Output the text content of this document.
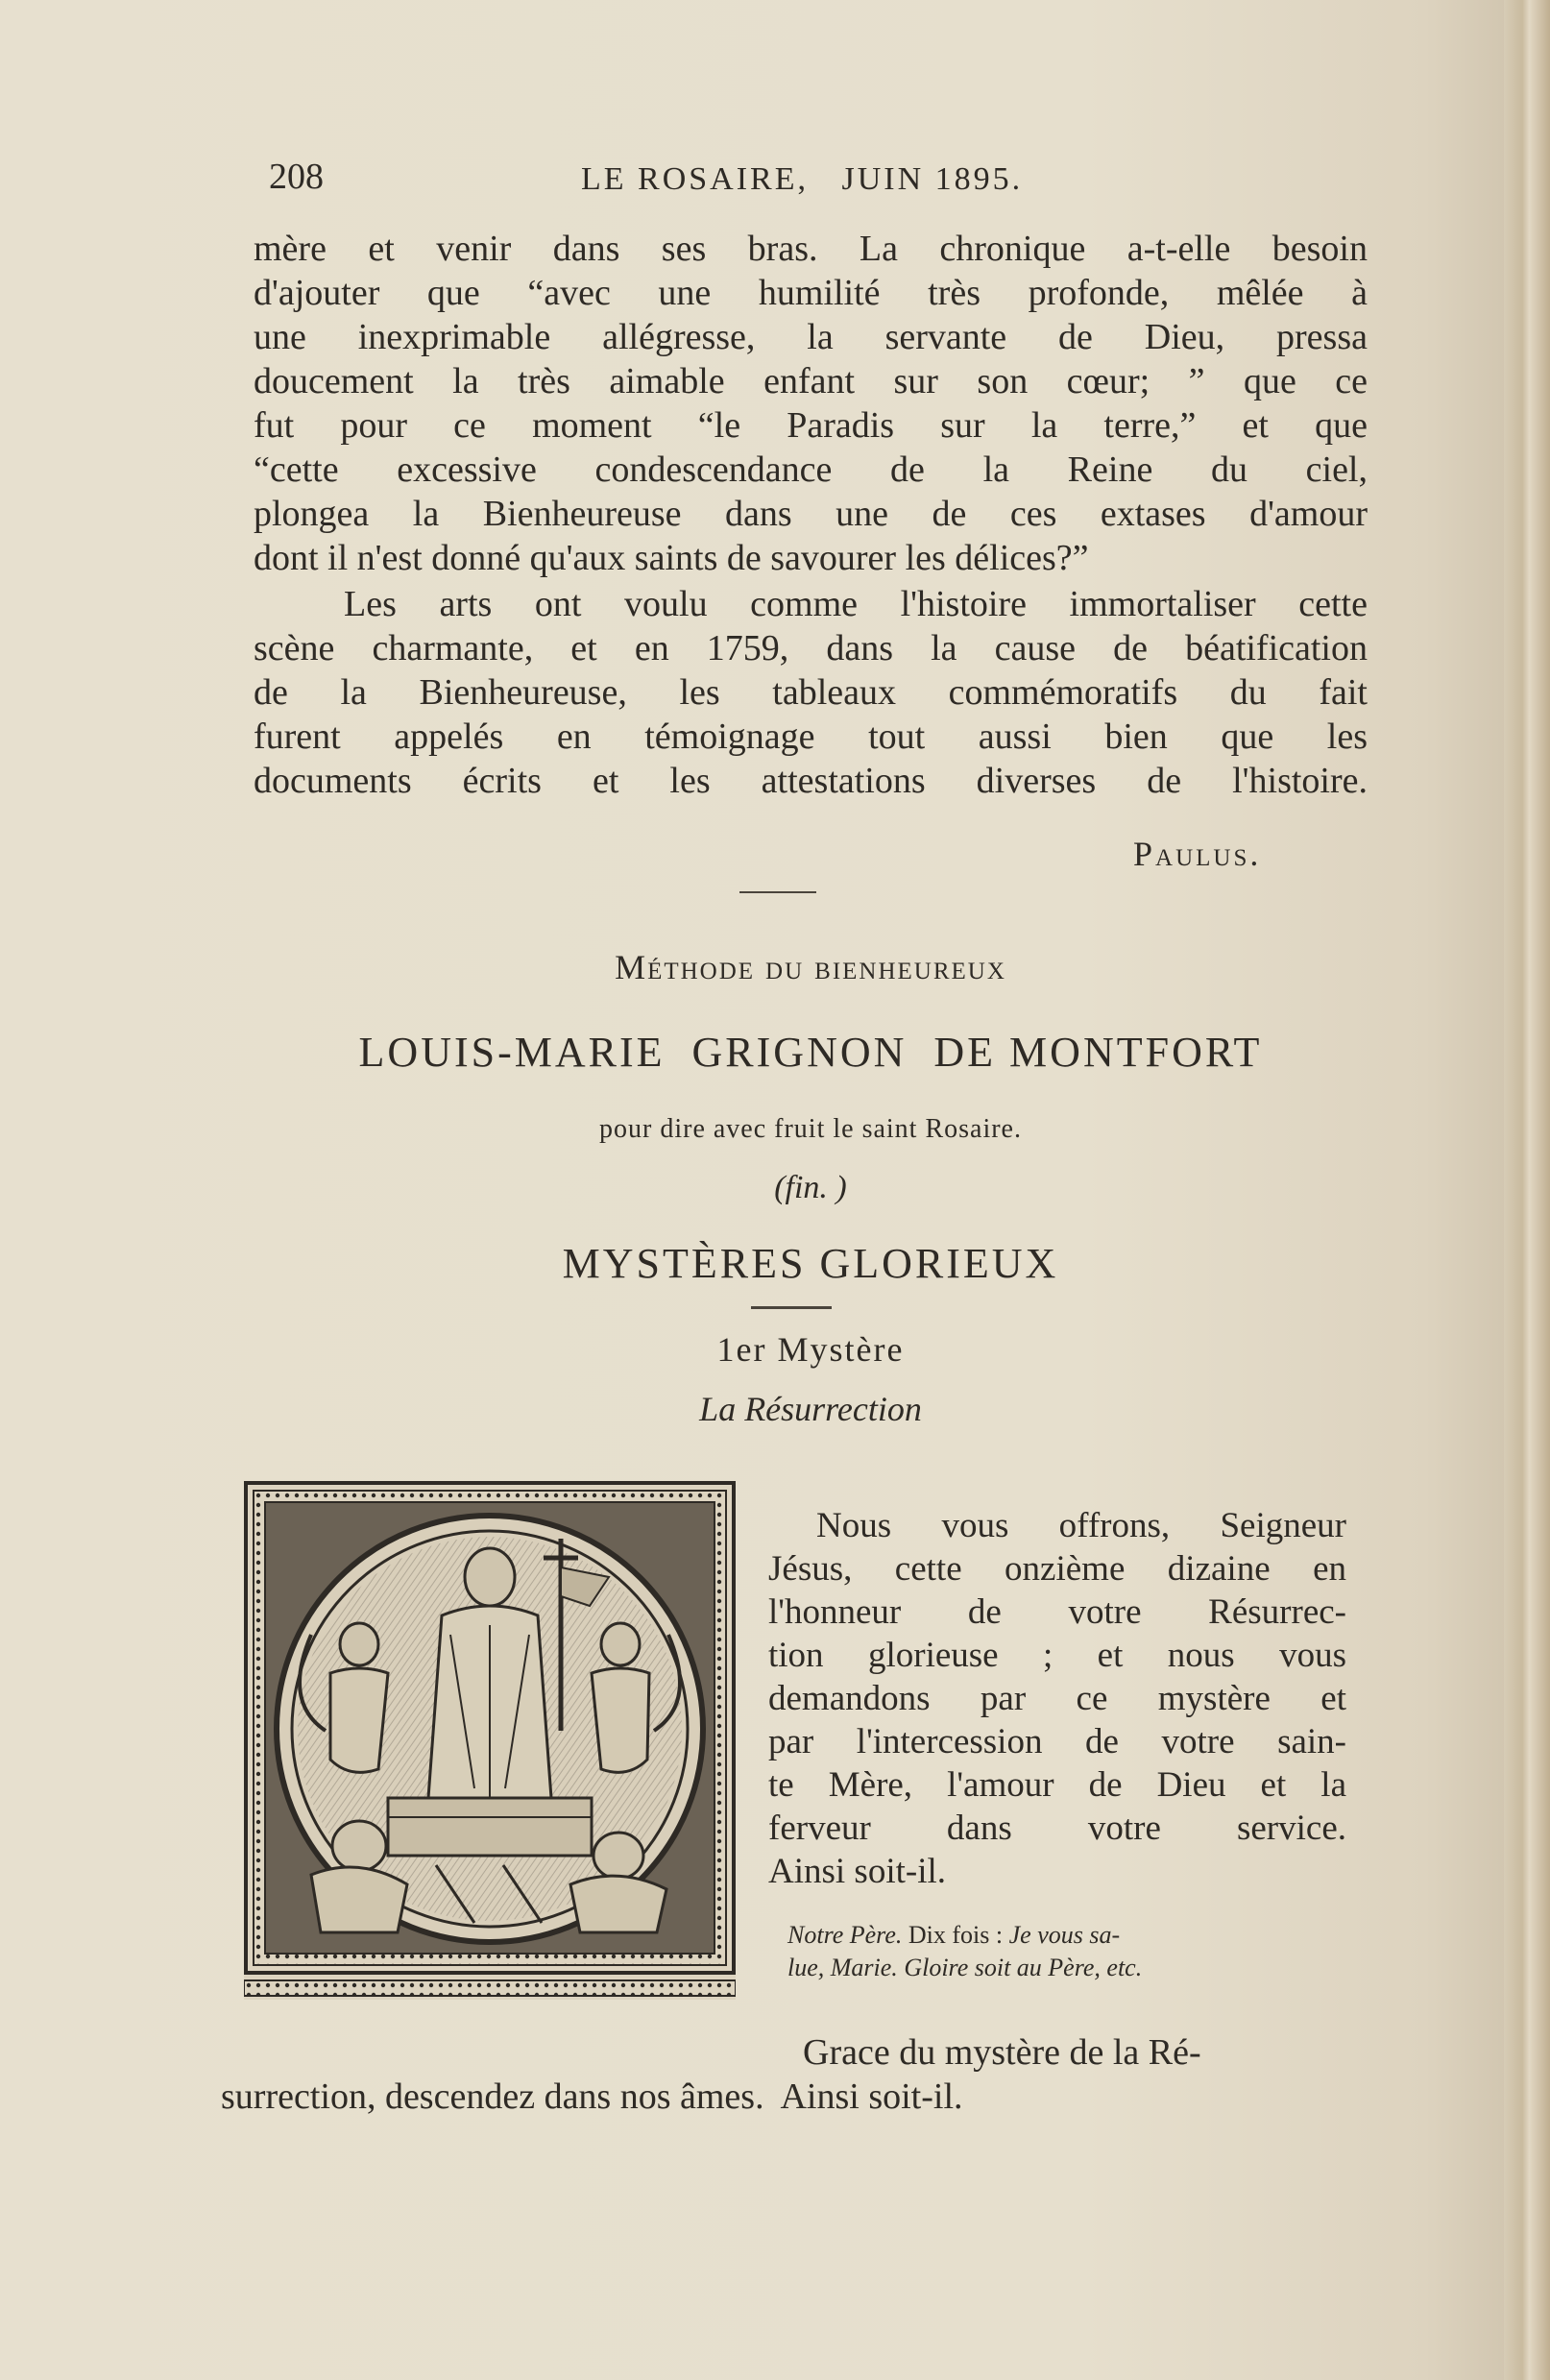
208	LE ROSAIRE,   JUIN 1895.
mère et venir dans ses bras. La chronique a-t-elle besoin
d'ajouter que “avec une humilité très profonde, mêlée à
une inexprimable allégresse, la servante de Dieu, pressa
doucement la très aimable enfant sur son cœur; ” que ce
fut pour ce moment “le Paradis sur la terre,” et que
“cette excessive condescendance de la Reine du ciel,
plongea la Bienheureuse dans une de ces extases d'amour
dont il n'est donné qu'aux saints de savourer les délices?”
Les arts ont voulu comme l'histoire immortaliser cette
scène charmante, et en 1759, dans la cause de béatification
de la Bienheureuse, les tableaux commémoratifs du fait
furent appelés en témoignage tout aussi bien que les
documents écrits et les attestations diverses de l'histoire.
Paulus.
Méthode du bienheureux
LOUIS-MARIE  GRIGNON  DE MONTFORT
pour dire avec fruit le saint Rosaire.
(fin. )
MYSTÈRES GLORIEUX
1er Mystère
La Résurrection
Nous vous offrons, Seigneur
Jésus, cette onzième dizaine en
l'honneur de votre Résurrec-
tion glorieuse ; et nous vous
demandons par ce mystère et
par l'intercession de votre sain-
te Mère, l'amour de Dieu et la
ferveur dans votre service.
Ainsi soit-il.
Notre Père. Dix fois : Je vous sa-
lue, Marie. Gloire soit au Père, etc.
Grace du mystère de la Ré-
surrection, descendez dans nos âmes.  Ainsi soit-il.
